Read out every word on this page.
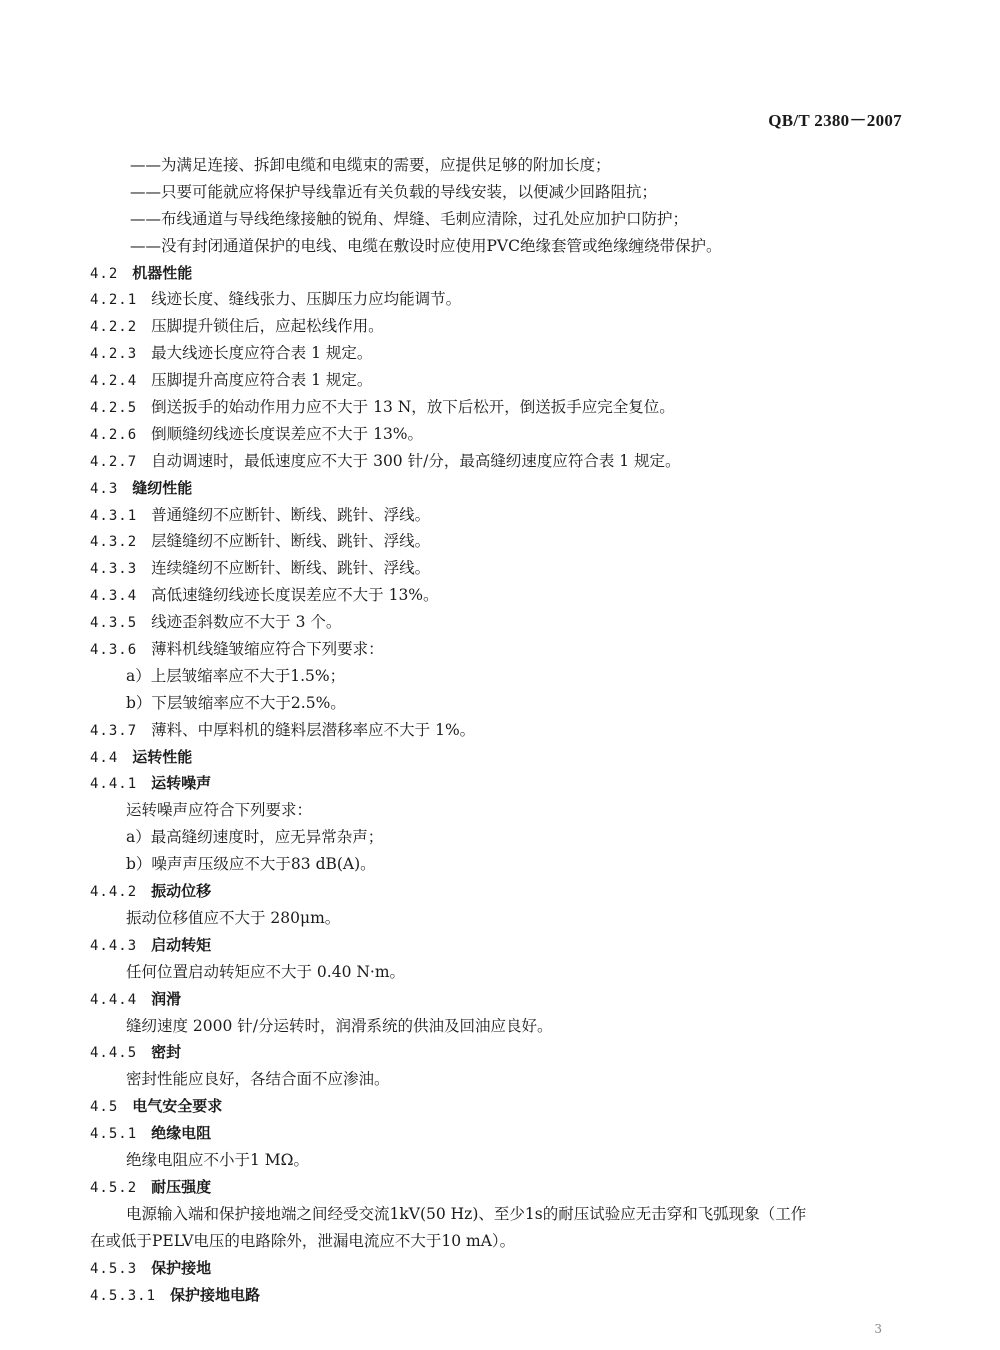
QB/T 2380－2007
——为满足连接、拆卸电缆和电缆束的需要，应提供足够的附加长度；
——只要可能就应将保护导线靠近有关负载的导线安装，以便减少回路阻抗；
——布线通道与导线绝缘接触的锐角、焊缝、毛刺应清除，过孔处应加护口防护；
——没有封闭通道保护的电线、电缆在敷设时应使用PVC绝缘套管或绝缘缠绕带保护。
4.2 机器性能
4.2.1 线迹长度、缝线张力、压脚压力应均能调节。
4.2.2 压脚提升锁住后，应起松线作用。
4.2.3 最大线迹长度应符合表 1 规定。
4.2.4 压脚提升高度应符合表 1 规定。
4.2.5 倒送扳手的始动作用力应不大于 13 N，放下后松开，倒送扳手应完全复位。
4.2.6 倒顺缝纫线迹长度误差应不大于 13%。
4.2.7 自动调速时，最低速度应不大于 300 针/分，最高缝纫速度应符合表 1 规定。
4.3 缝纫性能
4.3.1 普通缝纫不应断针、断线、跳针、浮线。
4.3.2 层缝缝纫不应断针、断线、跳针、浮线。
4.3.3 连续缝纫不应断针、断线、跳针、浮线。
4.3.4 高低速缝纫线迹长度误差应不大于 13%。
4.3.5 线迹歪斜数应不大于 3 个。
4.3.6 薄料机线缝皱缩应符合下列要求：
a）上层皱缩率应不大于1.5%；
b）下层皱缩率应不大于2.5%。
4.3.7 薄料、中厚料机的缝料层潜移率应不大于 1%。
4.4 运转性能
4.4.1 运转噪声
运转噪声应符合下列要求：
a）最高缝纫速度时，应无异常杂声；
b）噪声声压级应不大于83 dB(A)。
4.4.2 振动位移
振动位移值应不大于 280μm。
4.4.3 启动转矩
任何位置启动转矩应不大于 0.40 N·m。
4.4.4 润滑
缝纫速度 2000 针/分运转时，润滑系统的供油及回油应良好。
4.4.5 密封
密封性能应良好，各结合面不应渗油。
4.5 电气安全要求
4.5.1 绝缘电阻
绝缘电阻应不小于1 MΩ。
4.5.2 耐压强度

电源输入端和保护接地端之间经受交流1kV(50 Hz)、至少1s的耐压试验应无击穿和飞弧现象（工作

在或低于PELV电压的电路除外，泄漏电流应不大于10 mA）。

4.5.3 保护接地
4.5.3.1 保护接地电路
3
